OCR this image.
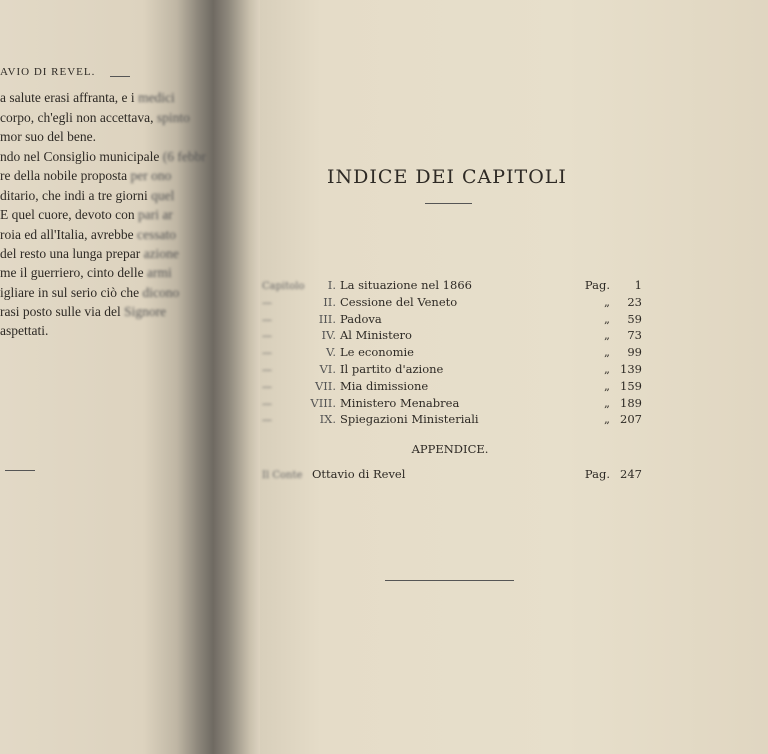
AVIO DI REVEL.
a salute erasi affranta, e i medici
corpo, ch'egli non accettava, spinto
mor suo del bene.
ndo nel Consiglio municipale (6 febbr
re della nobile proposta per ono
ditario, che indi a tre giorni quel
E quel cuore, devoto con pari ar
roia ed all'Italia, avrebbe cessato
del resto una lunga prepar azione
me il guerriero, cinto delle armi
igliare in sul serio ciò che dicono
rasi posto sulle via del Signore
aspettati.
INDICE DEI CAPITOLI
Capitolo	I. La situazione nel 1866	Pag.	1
—	II. Cessione del Veneto	„	23
—	III. Padova	„	59
—	IV. Al Ministero	„	73
—	V. Le economie	„	99
—	VI. Il partito d'azione	„ 139
—	VII. Mia dimissione	„ 159
—	VIII. Ministero Menabrea	„ 189
—	IX. Spiegazioni Ministeriali	„ 207
APPENDICE.
Il Conte Ottavio di Revel	Pag. 247
